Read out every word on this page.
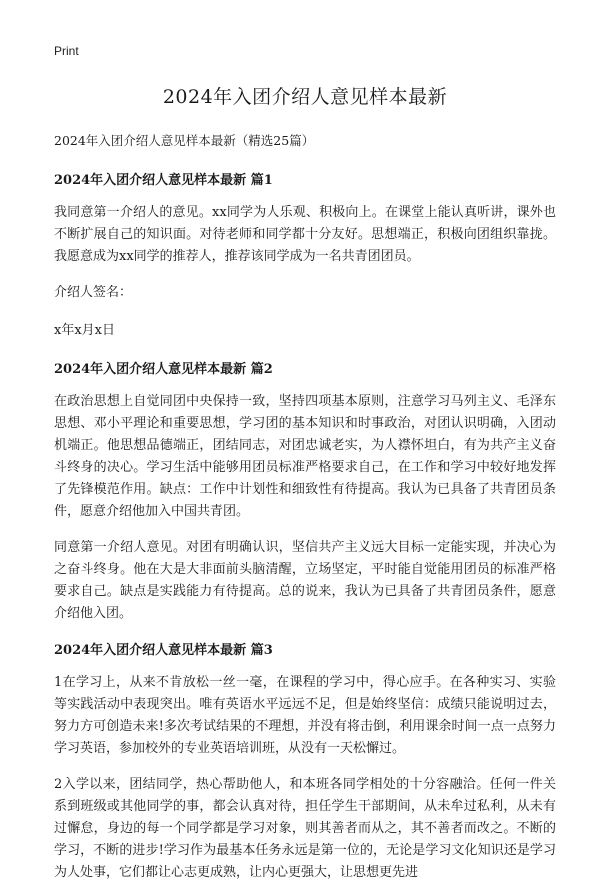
Print
2024年入团介绍人意见样本最新

2024年入团介绍人意见样本最新（精选25篇）

2024年入团介绍人意见样本最新 篇1

我同意第一介绍人的意见。xx同学为人乐观、积极向上。在课堂上能认真听讲，课外也不断扩展自己的知识面。对待老师和同学都十分友好。思想端正，积极向团组织靠拢。我愿意成为xx同学的推荐人，推荐该同学成为一名共青团团员。

介绍人签名：

x年x月x日

2024年入团介绍人意见样本最新 篇2

在政治思想上自觉同团中央保持一致，坚持四项基本原则，注意学习马列主义、毛泽东思想、邓小平理论和重要思想，学习团的基本知识和时事政治，对团认识明确，入团动机端正。他思想品德端正，团结同志，对团忠诚老实，为人襟怀坦白，有为共产主义奋斗终身的决心。学习生活中能够用团员标准严格要求自己，在工作和学习中较好地发挥了先锋模范作用。缺点：工作中计划性和细致性有待提高。我认为已具备了共青团员条件，愿意介绍他加入中国共青团。

同意第一介绍人意见。对团有明确认识，坚信共产主义远大目标一定能实现，并决心为之奋斗终身。他在大是大非面前头脑清醒，立场坚定，平时能自觉能用团员的标准严格要求自己。缺点是实践能力有待提高。总的说来，我认为已具备了共青团员条件，愿意介绍他入团。

2024年入团介绍人意见样本最新 篇3

1在学习上，从来不肯放松一丝一毫，在课程的学习中，得心应手。在各种实习、实验等实践活动中表现突出。唯有英语水平远远不足，但是始终坚信：成绩只能说明过去，努力方可创造未来!多次考试结果的不理想，并没有将击倒，利用课余时间一点一点努力学习英语，参加校外的专业英语培训班，从没有一天松懈过。

2入学以来，团结同学，热心帮助他人，和本班各同学相处的十分容融洽。任何一件关系到班级或其他同学的事，都会认真对待，担任学生干部期间，从未牟过私利，从未有过懈怠，身边的每一个同学都是学习对象，则其善者而从之，其不善者而改之。不断的学习，不断的进步!学习作为最基本任务永远是第一位的，无论是学习文化知识还是学习为人处事，它们都让心志更成熟，让内心更强大，让思想更先进
